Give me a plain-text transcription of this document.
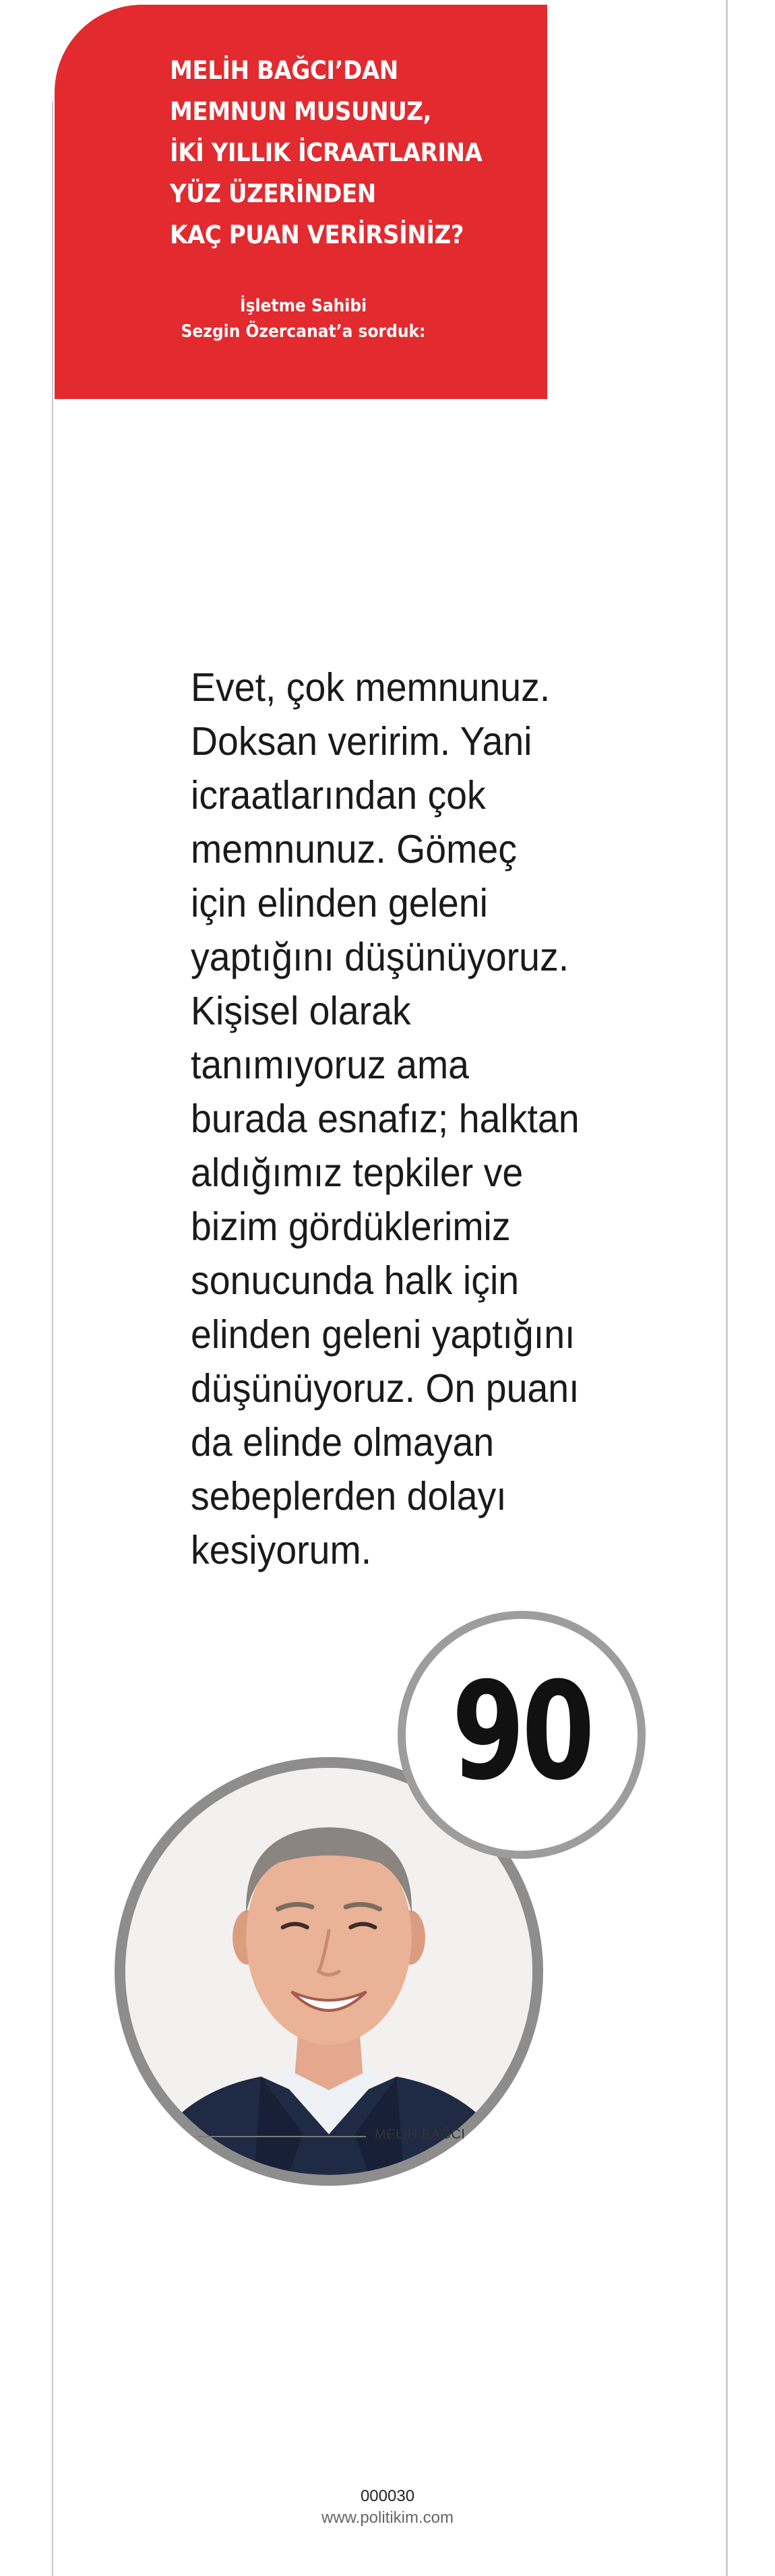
MELİH BAĞCI’DAN
MEMNUN MUSUNUZ,
İKİ YILLIK İCRAATLARINA
YÜZ ÜZERİNDEN
KAÇ PUAN VERİRSİNİZ?
İşletme Sahibi
Sezgin Özercanat’a sorduk:
Evet, çok memnunuz.
Doksan veririm. Yani
icraatlarından çok
memnunuz. Gömeç
için elinden geleni
yaptığını düşünüyoruz.
Kişisel olarak
tanımıyoruz ama
burada esnafız; halktan
aldığımız tepkiler ve
bizim gördüklerimiz
sonucunda halk için
elinden geleni yaptığını
düşünüyoruz. On puanı
da elinde olmayan
sebeplerden dolayı
kesiyorum.
90
MELİH BAĞCI
000030
www.politikim.com
